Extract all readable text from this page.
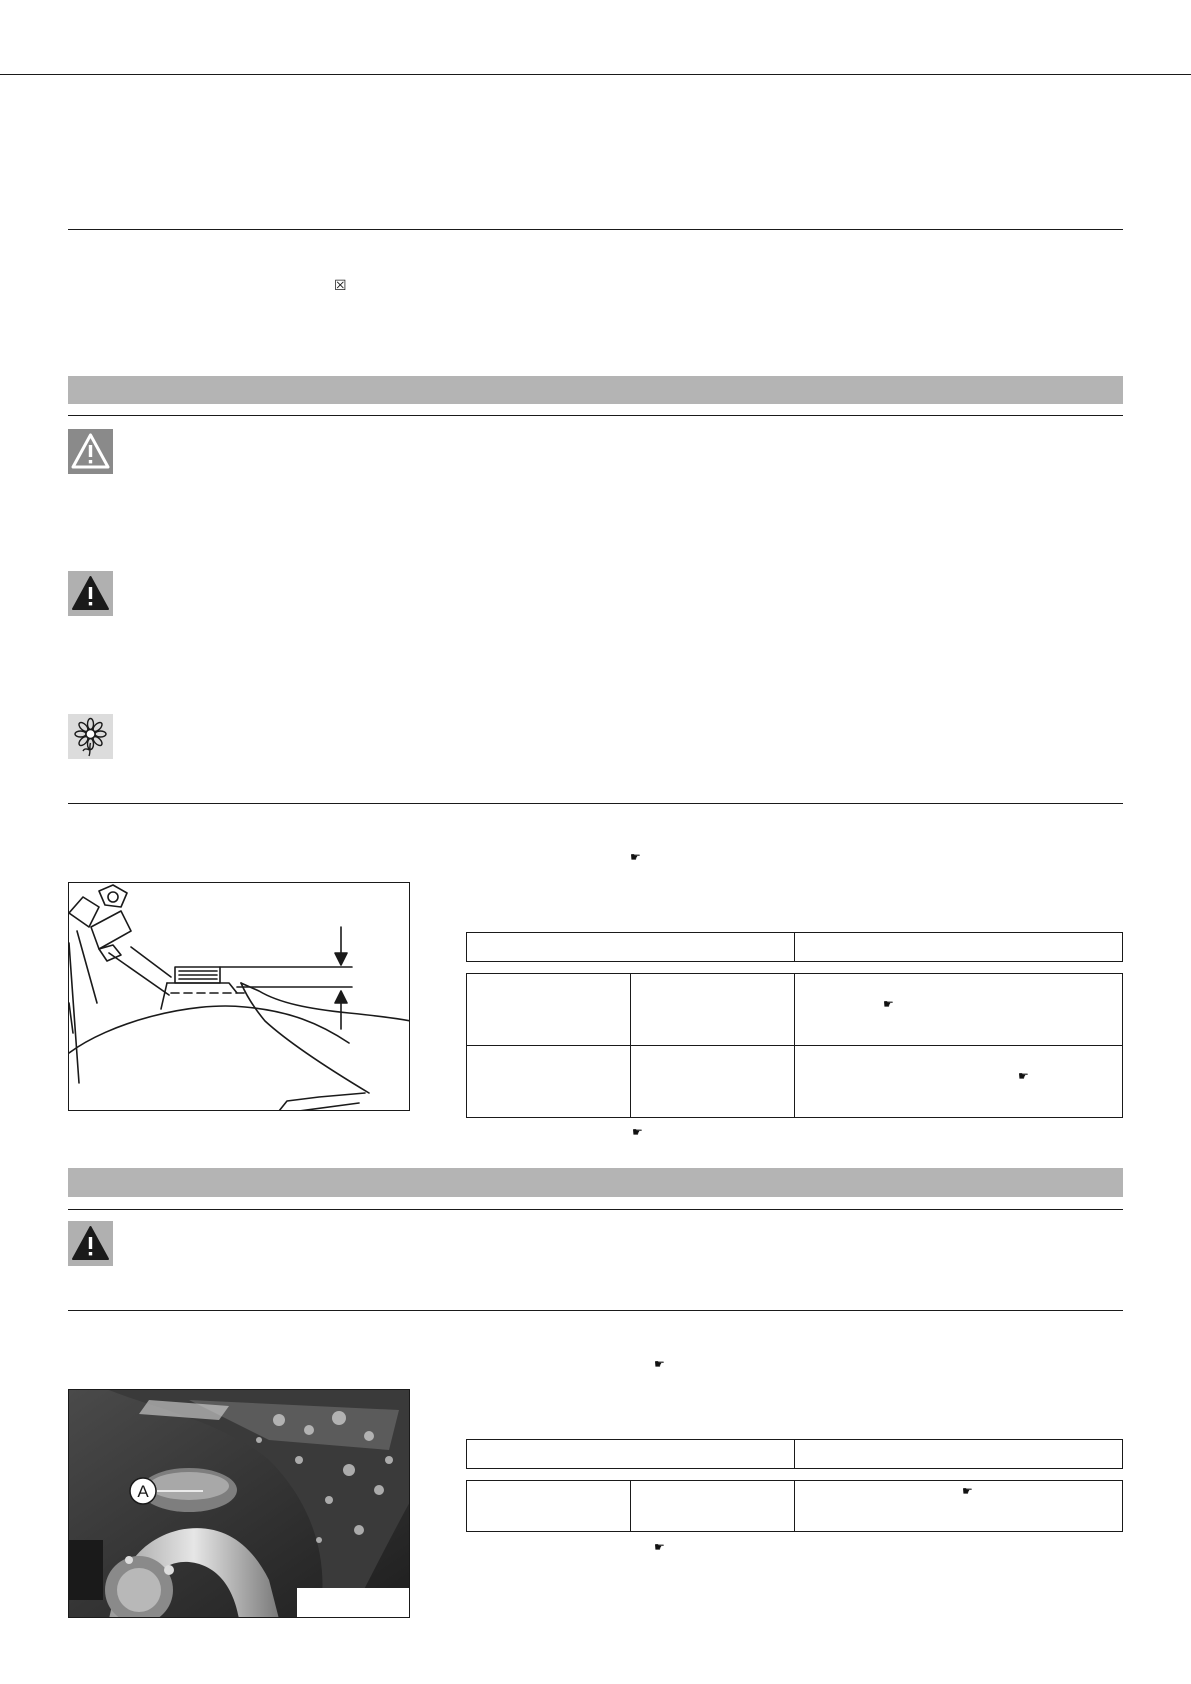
☒
☛
☛
☛
☛
☛
A	☛
☛
